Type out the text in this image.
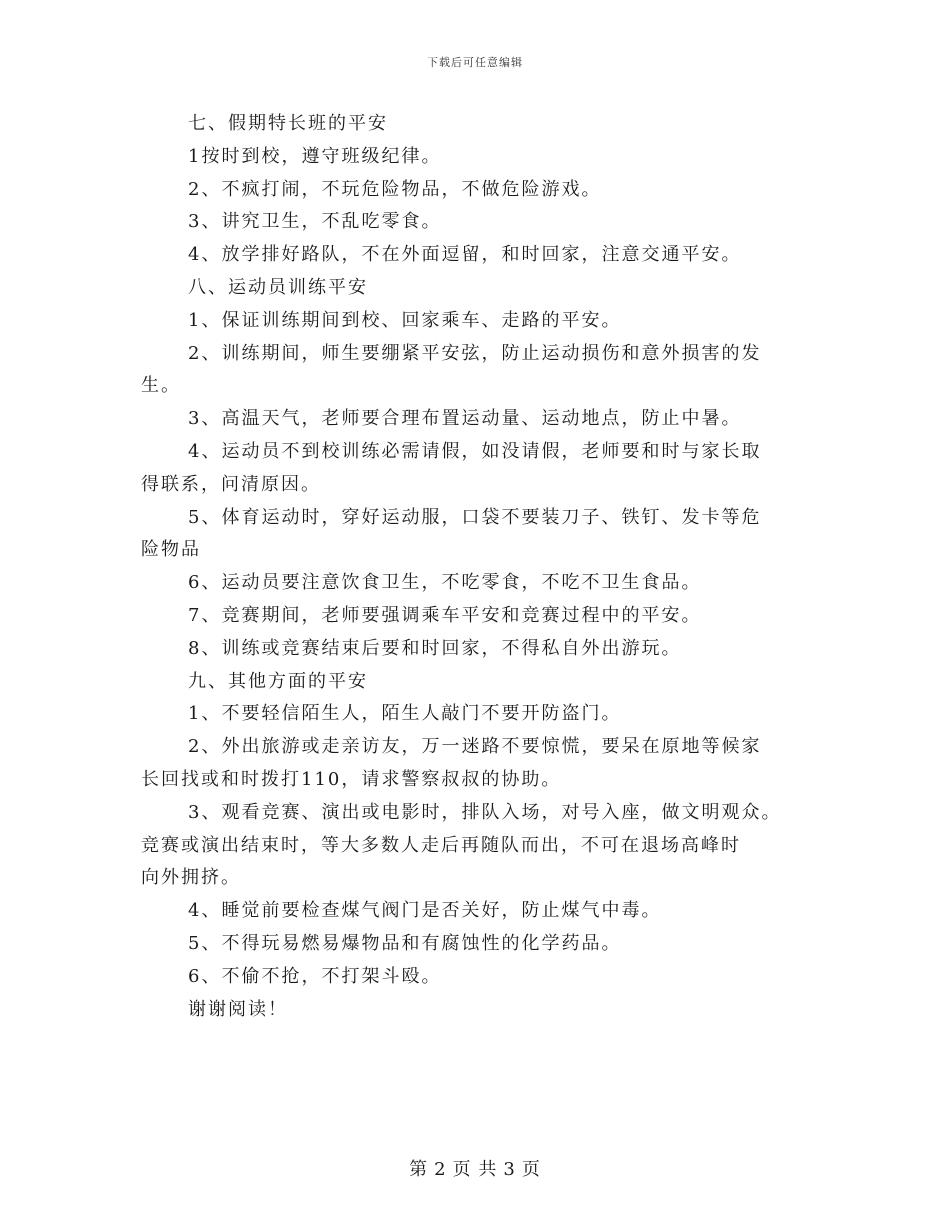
下载后可任意编辑
七、假期特长班的平安
1按时到校，遵守班级纪律。
2、不疯打闹，不玩危险物品，不做危险游戏。
3、讲究卫生，不乱吃零食。
4、放学排好路队，不在外面逗留，和时回家，注意交通平安。
八、运动员训练平安
1、保证训练期间到校、回家乘车、走路的平安。
2、训练期间，师生要绷紧平安弦，防止运动损伤和意外损害的发
生。
3、高温天气，老师要合理布置运动量、运动地点，防止中暑。
4、运动员不到校训练必需请假，如没请假，老师要和时与家长取
得联系，问清原因。
5、体育运动时，穿好运动服，口袋不要装刀子、铁钉、发卡等危
险物品
6、运动员要注意饮食卫生，不吃零食，不吃不卫生食品。
7、竞赛期间，老师要强调乘车平安和竞赛过程中的平安。
8、训练或竞赛结束后要和时回家，不得私自外出游玩。
九、其他方面的平安
1、不要轻信陌生人，陌生人敲门不要开防盗门。
2、外出旅游或走亲访友，万一迷路不要惊慌，要呆在原地等候家
长回找或和时拨打110，请求警察叔叔的协助。
3、观看竞赛、演出或电影时，排队入场，对号入座，做文明观众。
竞赛或演出结束时，等大多数人走后再随队而出，不可在退场高峰时
向外拥挤。
4、睡觉前要检查煤气阀门是否关好，防止煤气中毒。
5、不得玩易燃易爆物品和有腐蚀性的化学药品。
6、不偷不抢，不打架斗殴。
谢谢阅读！
第 2 页 共 3 页
